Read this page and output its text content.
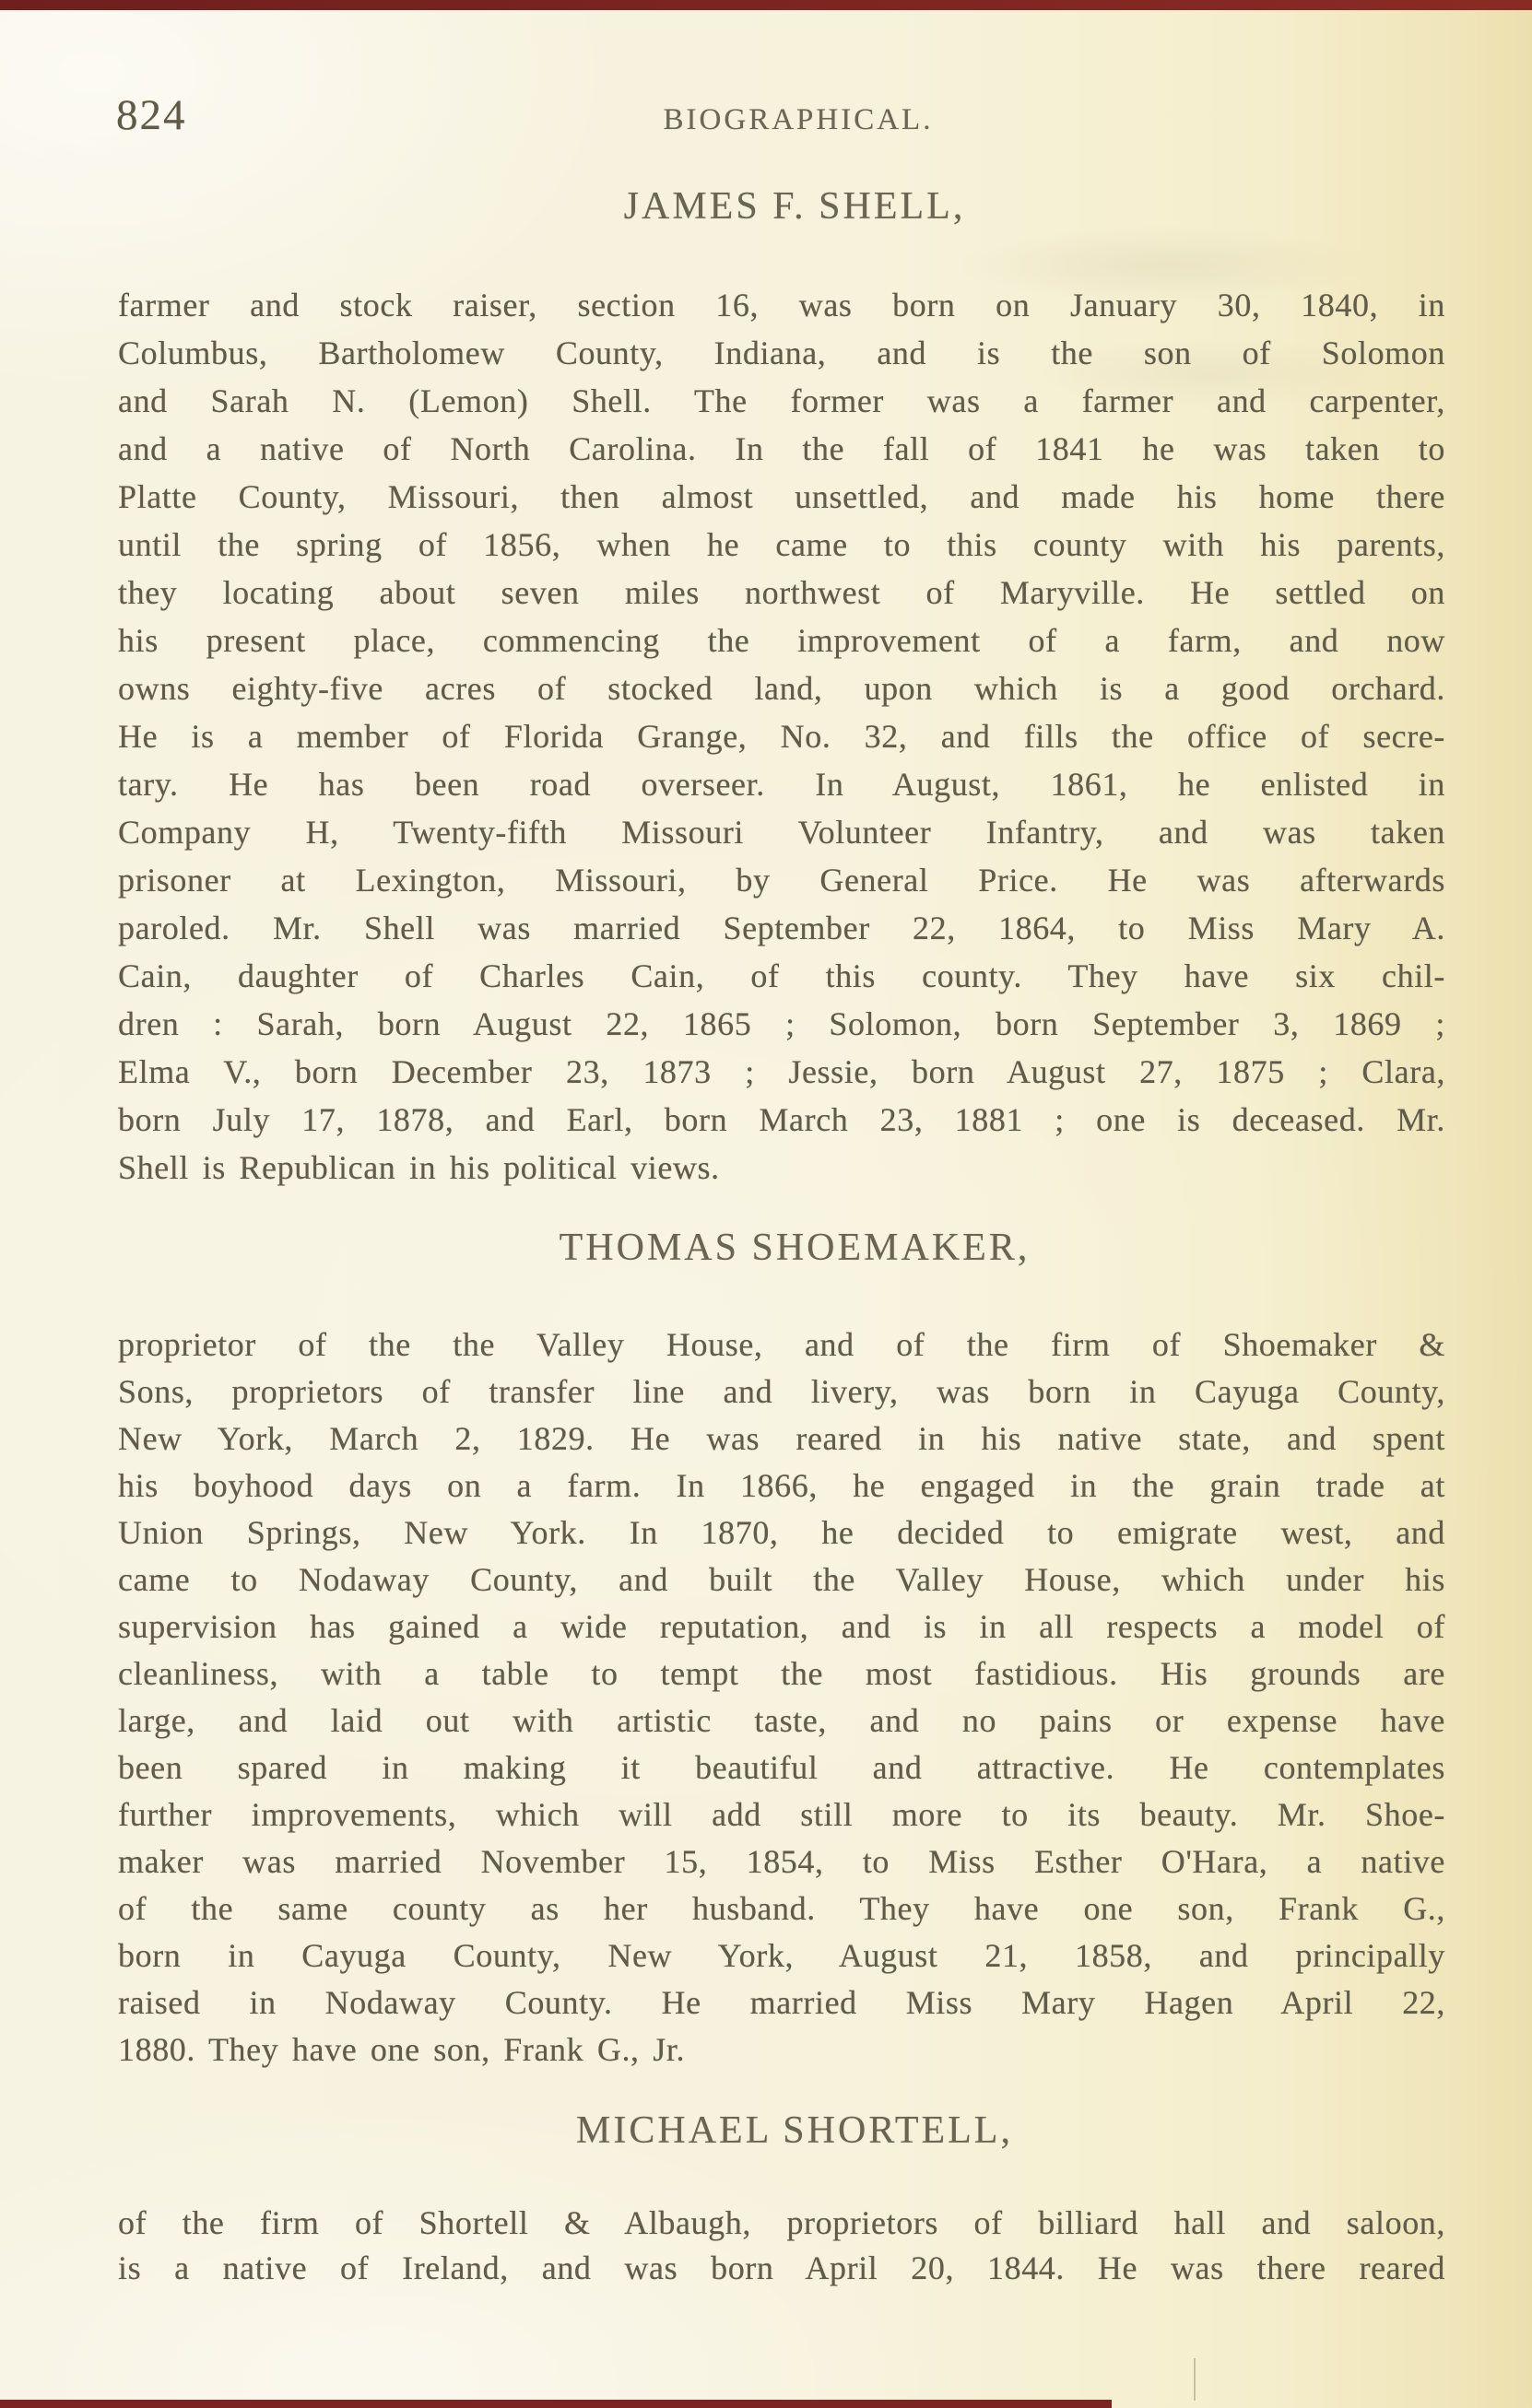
824	BIOGRAPHICAL.
JAMES F. SHELL,
farmer and stock raiser, section 16, was born on January 30, 1840, in
Columbus, Bartholomew County, Indiana, and is the son of Solomon
and Sarah N. (Lemon) Shell. The former was a farmer and carpenter,
and a native of North Carolina. In the fall of 1841 he was taken to
Platte County, Missouri, then almost unsettled, and made his home there
until the spring of 1856, when he came to this county with his parents,
they locating about seven miles northwest of Maryville. He settled on
his present place, commencing the improvement of a farm, and now
owns eighty-five acres of stocked land, upon which is a good orchard.
He is a member of Florida Grange, No. 32, and fills the office of secre-
tary. He has been road overseer. In August, 1861, he enlisted in
Company H, Twenty-fifth Missouri Volunteer Infantry, and was taken
prisoner at Lexington, Missouri, by General Price. He was afterwards
paroled. Mr. Shell was married September 22, 1864, to Miss Mary A.
Cain, daughter of Charles Cain, of this county. They have six chil-
dren : Sarah, born August 22, 1865 ; Solomon, born September 3, 1869 ;
Elma V., born December 23, 1873 ; Jessie, born August 27, 1875 ; Clara,
born July 17, 1878, and Earl, born March 23, 1881 ; one is deceased. Mr.
Shell is Republican in his political views.
THOMAS SHOEMAKER,
proprietor of the the Valley House, and of the firm of Shoemaker &
Sons, proprietors of transfer line and livery, was born in Cayuga County,
New York, March 2, 1829. He was reared in his native state, and spent
his boyhood days on a farm. In 1866, he engaged in the grain trade at
Union Springs, New York. In 1870, he decided to emigrate west, and
came to Nodaway County, and built the Valley House, which under his
supervision has gained a wide reputation, and is in all respects a model of
cleanliness, with a table to tempt the most fastidious. His grounds are
large, and laid out with artistic taste, and no pains or expense have
been spared in making it beautiful and attractive. He contemplates
further improvements, which will add still more to its beauty. Mr. Shoe-
maker was married November 15, 1854, to Miss Esther O'Hara, a native
of the same county as her husband. They have one son, Frank G.,
born in Cayuga County, New York, August 21, 1858, and principally
raised in Nodaway County. He married Miss Mary Hagen April 22,
1880. They have one son, Frank G., Jr.
MICHAEL SHORTELL,
of the firm of Shortell & Albaugh, proprietors of billiard hall and saloon,
is a native of Ireland, and was born April 20, 1844. He was there reared
